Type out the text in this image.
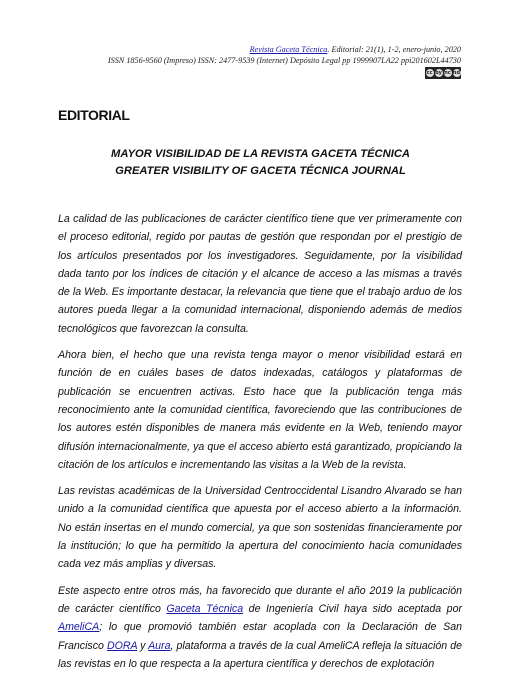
Revista Gaceta Técnica. Editorial: 21(1), 1-2, enero-junio, 2020
ISSN 1856-9560 (Impreso) ISSN: 2477-9539 (Internet) Depósito Legal pp 1999907LA22 ppi201602L44730
cc by nc nd
EDITORIAL
MAYOR VISIBILIDAD DE LA REVISTA GACETA TÉCNICA
GREATER VISIBILITY OF GACETA TÉCNICA JOURNAL

La calidad de las publicaciones de carácter científico tiene que ver primeramente con el proceso editorial, regido por pautas de gestión que respondan por el prestigio de los artículos presentados por los investigadores. Seguidamente, por la visibilidad dada tanto por los índices de citación y el alcance de acceso a las mismas a través de la Web. Es importante destacar, la relevancia que tiene que el trabajo arduo de los autores pueda llegar a la comunidad internacional, disponiendo además de medios tecnológicos que favorezcan la consulta.

Ahora bien, el hecho que una revista tenga mayor o menor visibilidad estará en función de en cuáles bases de datos indexadas, catálogos y plataformas de publicación se encuentren activas. Esto hace que la publicación tenga más reconocimiento ante la comunidad científica, favoreciendo que las contribuciones de los autores estén disponibles de manera más evidente en la Web, teniendo mayor difusión internacionalmente, ya que el acceso abierto está garantizado, propiciando la citación de los artículos e incrementando las visitas a la Web de la revista.

Las revistas académicas de la Universidad Centroccidental Lisandro Alvarado se han unido a la comunidad científica que apuesta por el acceso abierto a la información. No están insertas en el mundo comercial, ya que son sostenidas financieramente por la institución; lo que ha permitido la apertura del conocimiento hacia comunidades cada vez más amplias y diversas.

Este aspecto entre otros más, ha favorecido que durante el año 2019 la publicación de carácter científico Gaceta Técnica de Ingeniería Civil haya sido aceptada por AmeliCA; lo que promovió también estar acoplada con la Declaración de San Francisco DORA y Aura, plataforma a través de la cual AmeliCA refleja la situación de las revistas en lo que respecta a la apertura científica y derechos de explotación
